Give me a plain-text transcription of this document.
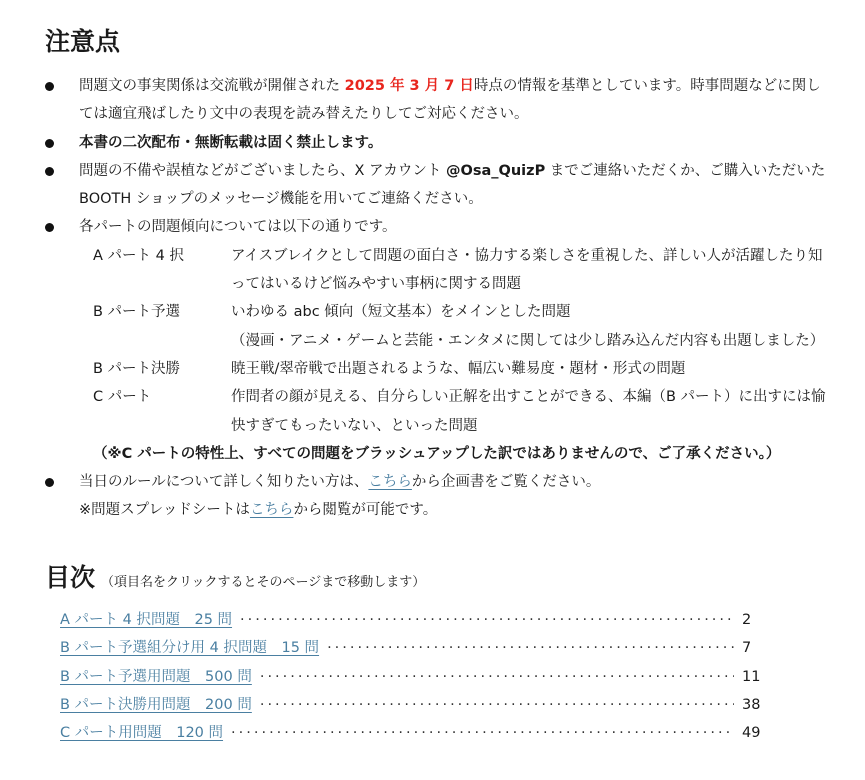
注意点
問題文の事実関係は交流戦が開催された 2025 年 3 月 7 日時点の情報を基準としています。時事問題などに関しては適宜飛ばしたり文中の表現を読み替えたりしてご対応ください。
本書の二次配布・無断転載は固く禁止します。
問題の不備や誤植などがございましたら、X アカウント @Osa_QuizP までご連絡いただくか、ご購入いただいた BOOTH ショップのメッセージ機能を用いてご連絡ください。
各パートの問題傾向については以下の通りです。
A パート 4 択	アイスブレイクとして問題の面白さ・協力する楽しさを重視した、詳しい人が活躍したり知ってはいるけど悩みやすい事柄に関する問題
B パート予選	いわゆる abc 傾向（短文基本）をメインとした問題
（漫画・アニメ・ゲームと芸能・エンタメに関しては少し踏み込んだ内容も出題しました）
B パート決勝	暁王戦/翠帝戦で出題されるような、幅広い難易度・題材・形式の問題
C パート	作問者の顔が見える、自分らしい正解を出すことができる、本編（B パート）に出すには愉快すぎてもったいない、といった問題
（※C パートの特性上、すべての問題をブラッシュアップした訳ではありませんので、ご了承ください。）
当日のルールについて詳しく知りたい方は、こちらから企画書をご覧ください。
※問題スプレッドシートはこちらから閲覧が可能です。
目次 （項目名をクリックするとそのページまで移動します）
A パート 4 択問題　25 問 ·····	2
B パート予選組分け用 4 択問題　15 問 ·····	7
B パート予選用問題　500 問 ·····	11
B パート決勝用問題　200 問 ·····	38
C パート用問題　120 問 ·····	49
